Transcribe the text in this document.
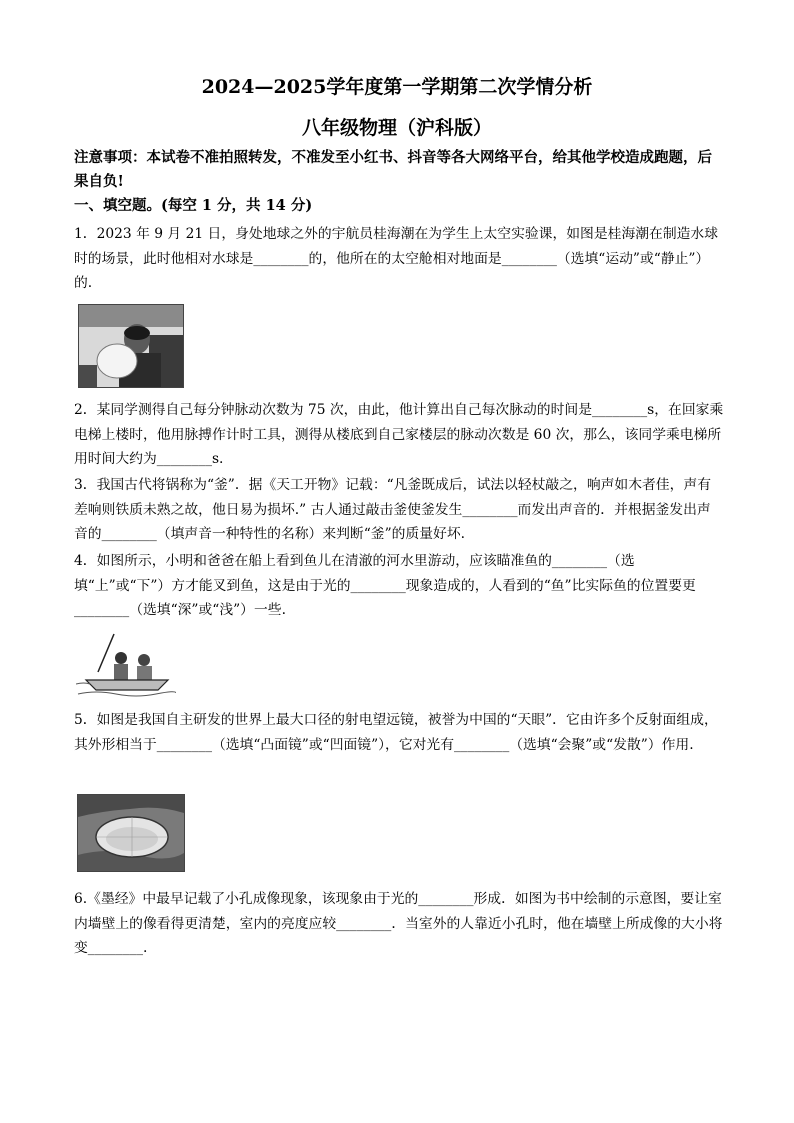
2024—2025学年度第一学期第二次学情分析
八年级物理（沪科版）
注意事项：本试卷不准拍照转发，不准发至小红书、抖音等各大网络平台，给其他学校造成跑题，后果自负!
一、填空题。(每空 1 分，共 14 分)
1．2023 年 9 月 21 日，身处地球之外的宇航员桂海潮在为学生上太空实验课，如图是桂海潮在制造水球时的场景，此时他相对水球是________的，他所在的太空舱相对地面是________（选填“运动”或“静止”）的.
2．某同学测得自己每分钟脉动次数为 75 次，由此，他计算出自己每次脉动的时间是________s，在回家乘电梯上楼时，他用脉搏作计时工具，测得从楼底到自己家楼层的脉动次数是 60 次，那么，该同学乘电梯所用时间大约为________s.
3．我国古代将锅称为“釜”．据《天工开物》记载：“凡釜既成后，试法以轻杖敲之，响声如木者佳，声有差响则铁质未熟之故，他日易为损坏.” 古人通过敲击釜使釜发生________而发出声音的．并根据釜发出声音的________（填声音一种特性的名称）来判断“釜”的质量好坏.
4．如图所示，小明和爸爸在船上看到鱼儿在清澈的河水里游动，应该瞄准鱼的________（选填“上”或“下”）方才能叉到鱼，这是由于光的________现象造成的，人看到的“鱼”比实际鱼的位置要更________（选填“深”或“浅”）一些.
5．如图是我国自主研发的世界上最大口径的射电望远镜，被誉为中国的“天眼”．它由许多个反射面组成，其外形相当于________（选填“凸面镜”或“凹面镜”），它对光有________（选填“会聚”或“发散”）作用.
6.《墨经》中最早记载了小孔成像现象，该现象由于光的________形成．如图为书中绘制的示意图，要让室内墙壁上的像看得更清楚，室内的亮度应较________．当室外的人靠近小孔时，他在墙壁上所成像的大小将变________.
